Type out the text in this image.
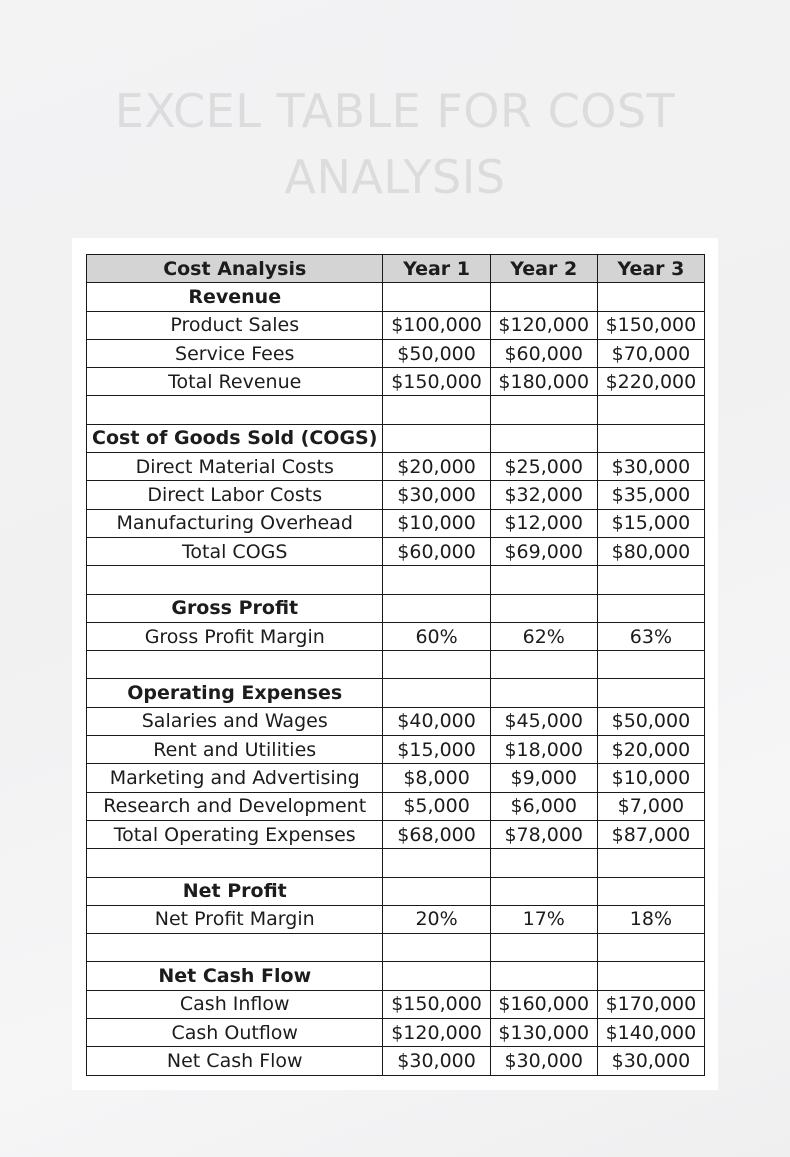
EXCEL TABLE FOR COST
ANALYSIS
Cost Analysis	Year 1	Year 2	Year 3
Revenue			
Product Sales	$100,000	$120,000	$150,000
Service Fees	$50,000	$60,000	$70,000
Total Revenue	$150,000	$180,000	$220,000

Cost of Goods Sold (COGS)			
Direct Material Costs	$20,000	$25,000	$30,000
Direct Labor Costs	$30,000	$32,000	$35,000
Manufacturing Overhead	$10,000	$12,000	$15,000
Total COGS	$60,000	$69,000	$80,000

Gross Profit			
Gross Profit Margin	60%	62%	63%

Operating Expenses			
Salaries and Wages	$40,000	$45,000	$50,000
Rent and Utilities	$15,000	$18,000	$20,000
Marketing and Advertising	$8,000	$9,000	$10,000
Research and Development	$5,000	$6,000	$7,000
Total Operating Expenses	$68,000	$78,000	$87,000

Net Profit			
Net Profit Margin	20%	17%	18%

Net Cash Flow			
Cash Inflow	$150,000	$160,000	$170,000
Cash Outflow	$120,000	$130,000	$140,000
Net Cash Flow	$30,000	$30,000	$30,000
